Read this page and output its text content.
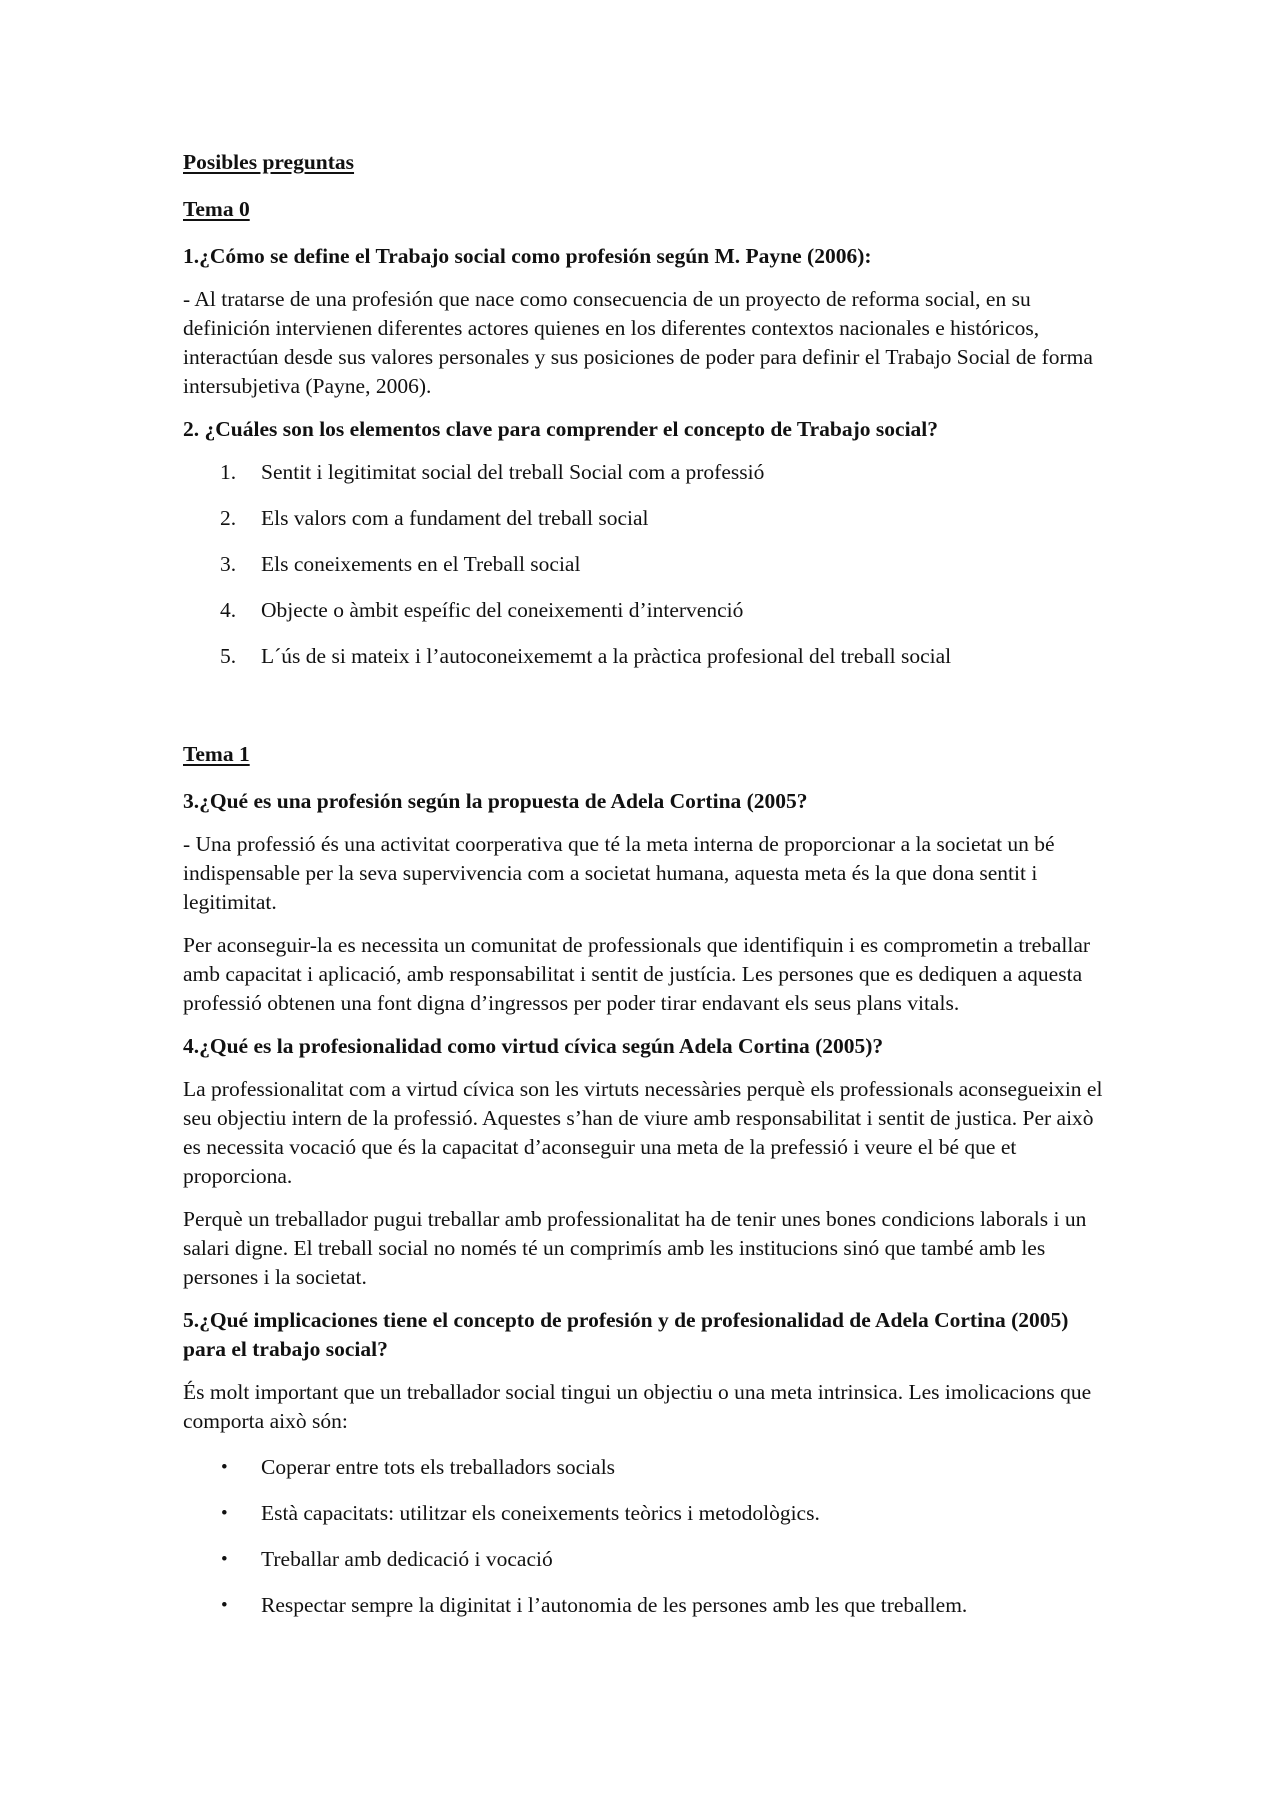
Posibles preguntas
Tema 0
1.¿Cómo se define el Trabajo social como profesión según M. Payne (2006):
- Al tratarse de una profesión que nace como consecuencia de un proyecto de reforma social, en su definición intervienen diferentes actores quienes en los diferentes contextos nacionales e históricos, interactúan desde sus valores personales y sus posiciones de poder para definir el Trabajo Social de forma intersubjetiva (Payne, 2006).
2. ¿Cuáles son los elementos clave para comprender el concepto de Trabajo social?
1. Sentit i legitimitat social del treball Social com a professió
2. Els valors com a fundament del treball social
3. Els coneixements en el Treball social
4. Objecte o àmbit espeífic del coneixementi d’intervenció
5. L´ús de si mateix i l’autoconeixememt a la pràctica profesional del treball social
Tema 1
3.¿Qué es una profesión según la propuesta de Adela Cortina (2005?
- Una professió és una activitat coorperativa que té la meta interna de proporcionar a la societat un bé indispensable per la seva supervivencia com a societat humana, aquesta meta és la que dona sentit i legitimitat.
Per aconseguir-la es necessita un comunitat de professionals que identifiquin i es comprometin a treballar amb capacitat i aplicació, amb responsabilitat i sentit de justícia. Les persones que es dediquen a aquesta professió obtenen una font digna d’ingressos per poder tirar endavant els seus plans vitals.
4.¿Qué es la profesionalidad como virtud cívica según Adela Cortina (2005)?
La professionalitat com a virtud cívica son les virtuts necessàries perquè els professionals aconsegueixin el seu objectiu intern de la professió. Aquestes s’han de viure amb responsabilitat i sentit de justica. Per això es necessita vocació que és la capacitat d’aconseguir una meta de la prefessió i veure el bé que et proporciona.
Perquè un treballador pugui treballar amb professionalitat ha de tenir unes bones condicions laborals i un salari digne. El treball social no només té un comprimís amb les institucions sinó que també amb les persones i la societat.
5.¿Qué implicaciones tiene el concepto de profesión y de profesionalidad de Adela Cortina (2005) para el trabajo social?
És molt important que un treballador social tingui un objectiu o una meta intrinsica. Les imolicacions que comporta això són:
• Coperar entre tots els treballadors socials
• Està capacitats: utilitzar els coneixements teòrics i metodològics.
• Treballar amb dedicació i vocació
• Respectar sempre la diginitat i l’autonomia de les persones amb les que treballem.
